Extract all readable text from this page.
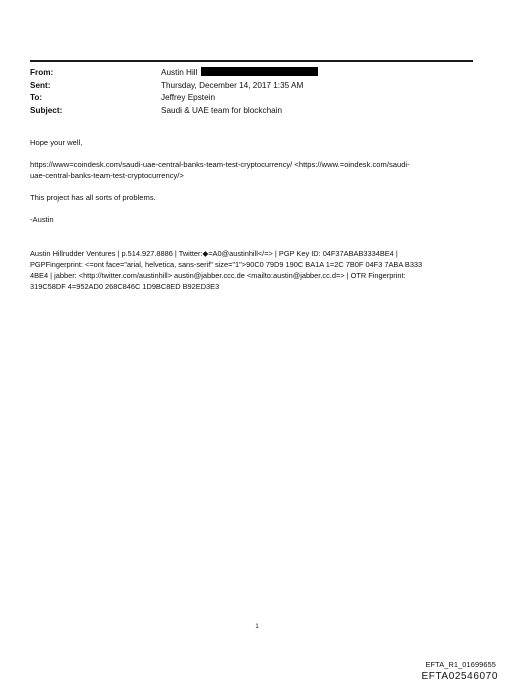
From:	Austin Hill
Sent:	Thursday, December 14, 2017 1:35 AM
To:	Jeffrey Epstein
Subject:	Saudi & UAE team for blockchain

Hope your well,

https://www=coindesk.com/saudi-uae-central-banks-team-test-cryptocurrency/ <https://www.=oindesk.com/saudi-
uae-central-banks-team-test-cryptocurrency/>

This project has all sorts of problems.

-Austin

Austin Hillrudder Ventures | p.514.927.8886 | Twitter:◆=A0@austinhill</=> | PGP Key ID: 04F37ABAB3334BE4 |
PGPFingerprint: <=ont face="arial, helvetica, sans-serif" size="1">90C0 79D9 190C BA1A 1=2C 7B0F 04F3 7ABA B333
4BE4 | jabber: <http://twitter.com/austinhill> austin@jabber.ccc.de <mailto:austin@jabber.cc.d=> | OTR Fingerprint:
319C58DF 4=952AD0 268C846C 1D9BC8ED B92ED3E3
1
EFTA_R1_01699655
EFTA02546070
